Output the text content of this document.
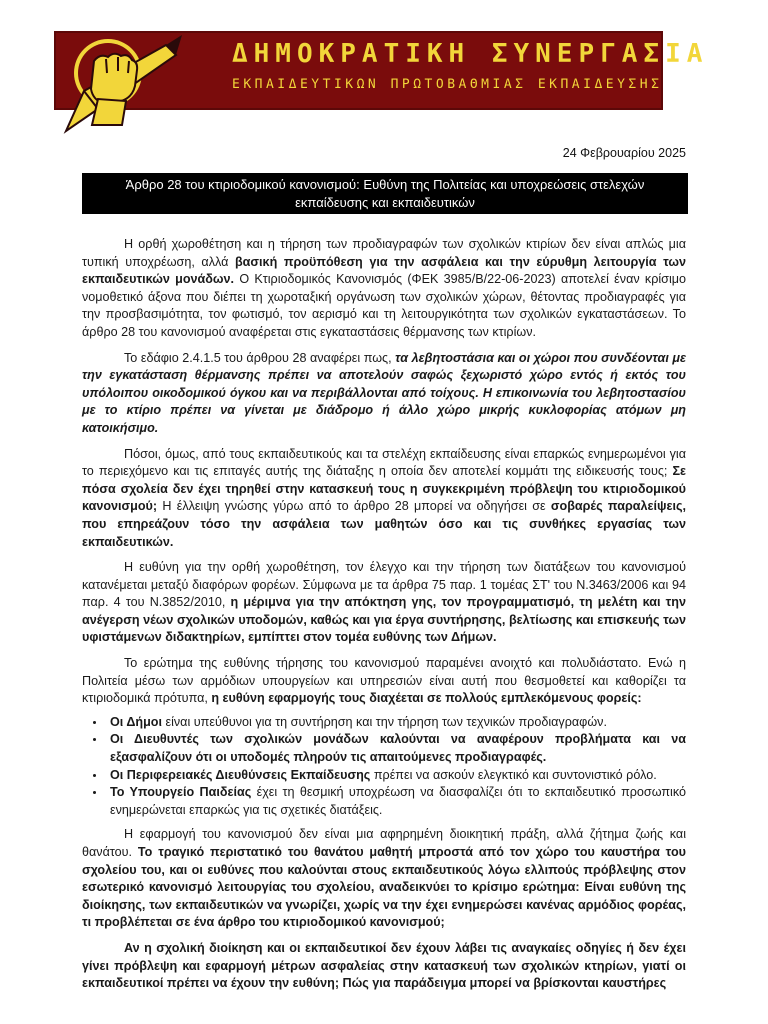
ΔΗΜΟΚΡΑΤΙΚΗ ΣΥΝΕΡΓΑΣΙΑ
ΕΚΠΑΙΔΕΥΤΙΚΩΝ ΠΡΩΤΟΒΑΘΜΙΑΣ ΕΚΠΑΙΔΕΥΣΗΣ
24 Φεβρουαρίου 2025
Άρθρο 28 του κτιριοδομικού κανονισμού: Ευθύνη της Πολιτείας και υποχρεώσεις στελεχών
εκπαίδευσης και εκπαιδευτικών

Η ορθή χωροθέτηση και η τήρηση των προδιαγραφών των σχολικών κτιρίων δεν είναι απλώς μια τυπική υποχρέωση, αλλά βασική προϋπόθεση για την ασφάλεια και την εύρυθμη λειτουργία των εκπαιδευτικών μονάδων. Ο Κτιριοδομικός Κανονισμός (ΦΕΚ 3985/Β/22-06-2023) αποτελεί έναν κρίσιμο νομοθετικό άξονα που διέπει τη χωροταξική οργάνωση των σχολικών χώρων, θέτοντας προδιαγραφές για την προσβασιμότητα, τον φωτισμό, τον αερισμό και τη λειτουργικότητα των σχολικών εγκαταστάσεων. Το άρθρο 28 του κανονισμού αναφέρεται στις εγκαταστάσεις θέρμανσης των κτιρίων.

Το εδάφιο 2.4.1.5 του άρθρου 28 αναφέρει πως, τα λεβητοστάσια και οι χώροι που συνδέονται με την εγκατάσταση θέρμανσης πρέπει να αποτελούν σαφώς ξεχωριστό χώρο εντός ή εκτός του υπόλοιπου οικοδομικού όγκου και να περιβάλλονται από τοίχους. Η επικοινωνία του λεβητοστασίου με το κτίριο πρέπει να γίνεται με διάδρομο ή άλλο χώρο μικρής κυκλοφορίας ατόμων μη κατοικήσιμο.

Πόσοι, όμως, από τους εκπαιδευτικούς και τα στελέχη εκπαίδευσης είναι επαρκώς ενημερωμένοι για το περιεχόμενο και τις επιταγές αυτής της διάταξης η οποία δεν αποτελεί κομμάτι της ειδικευσής τους; Σε πόσα σχολεία δεν έχει τηρηθεί στην κατασκευή τους η συγκεκριμένη πρόβλεψη του κτιριοδομικού κανονισμού; Η έλλειψη γνώσης γύρω από το άρθρο 28 μπορεί να οδηγήσει σε σοβαρές παραλείψεις, που επηρεάζουν τόσο την ασφάλεια των μαθητών όσο και τις συνθήκες εργασίας των εκπαιδευτικών.

Η ευθύνη για την ορθή χωροθέτηση, τον έλεγχο και την τήρηση των διατάξεων του κανονισμού κατανέμεται μεταξύ διαφόρων φορέων. Σύμφωνα με τα άρθρα 75 παρ. 1 τομέας ΣΤ' του Ν.3463/2006 και 94 παρ. 4 του Ν.3852/2010, η μέριμνα για την απόκτηση γης, τον προγραμματισμό, τη μελέτη και την ανέγερση νέων σχολικών υποδομών, καθώς και για έργα συντήρησης, βελτίωσης και επισκευής των υφιστάμενων διδακτηρίων, εμπίπτει στον τομέα ευθύνης των Δήμων.

Το ερώτημα της ευθύνης τήρησης του κανονισμού παραμένει ανοιχτό και πολυδιάστατο. Ενώ η Πολιτεία μέσω των αρμόδιων υπουργείων και υπηρεσιών είναι αυτή που θεσμοθετεί και καθορίζει τα κτιριοδομικά πρότυπα, η ευθύνη εφαρμογής τους διαχέεται σε πολλούς εμπλεκόμενους φορείς:

• Οι Δήμοι είναι υπεύθυνοι για τη συντήρηση και την τήρηση των τεχνικών προδιαγραφών.
• Οι Διευθυντές των σχολικών μονάδων καλούνται να αναφέρουν προβλήματα και να εξασφαλίζουν ότι οι υποδομές πληρούν τις απαιτούμενες προδιαγραφές.
• Οι Περιφερειακές Διευθύνσεις Εκπαίδευσης πρέπει να ασκούν ελεγκτικό και συντονιστικό ρόλο.
• Το Υπουργείο Παιδείας έχει τη θεσμική υποχρέωση να διασφαλίζει ότι το εκπαιδευτικό προσωπικό ενημερώνεται επαρκώς για τις σχετικές διατάξεις.

Η εφαρμογή του κανονισμού δεν είναι μια αφηρημένη διοικητική πράξη, αλλά ζήτημα ζωής και θανάτου. Το τραγικό περιστατικό του θανάτου μαθητή μπροστά από τον χώρο του καυστήρα του σχολείου του, και οι ευθύνες που καλούνται στους εκπαιδευτικούς λόγω ελλιπούς πρόβλεψης στον εσωτερικό κανονισμό λειτουργίας του σχολείου, αναδεικνύει το κρίσιμο ερώτημα: Είναι ευθύνη της διοίκησης, των εκπαιδευτικών να γνωρίζει, χωρίς να την έχει ενημερώσει κανένας αρμόδιος φορέας, τι προβλέπεται σε ένα άρθρο του κτιριοδομικού κανονισμού;

Αν η σχολική διοίκηση και οι εκπαιδευτικοί δεν έχουν λάβει τις αναγκαίες οδηγίες ή δεν έχει γίνει πρόβλεψη και εφαρμογή μέτρων ασφαλείας στην κατασκευή των σχολικών κτηρίων, γιατί οι εκπαιδευτικοί πρέπει να έχουν την ευθύνη; Πώς για παράδειγμα μπορεί να βρίσκονται καυστήρες
